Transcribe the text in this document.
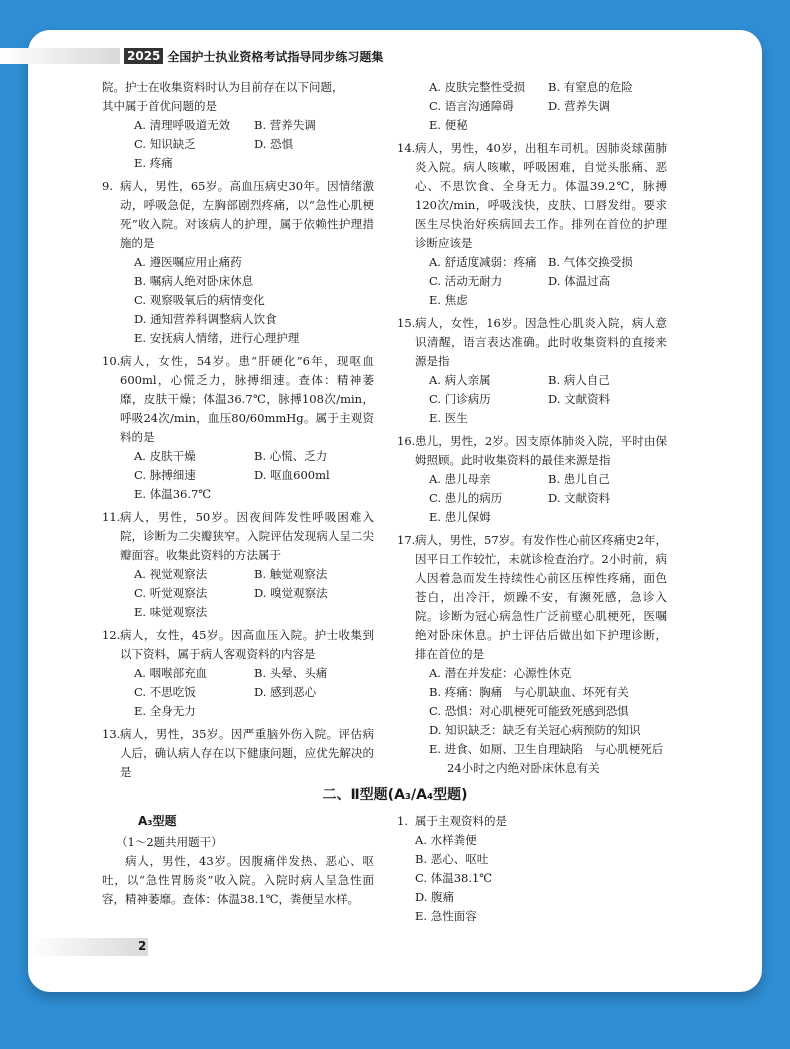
2025 全国护士执业资格考试指导同步练习题集
院。护士在收集资料时认为目前存在以下问题，
其中属于首优问题的是
A. 清理呼吸道无效	B. 营养失调
C. 知识缺乏	D. 恐惧
E. 疼痛
9. 病人，男性，65岁。高血压病史30年。因情绪激动，呼吸急促，左胸部剧烈疼痛，以“急性心肌梗死”收入院。对该病人的护理，属于依赖性护理措施的是
A. 遵医嘱应用止痛药
B. 嘱病人绝对卧床休息
C. 观察吸氧后的病情变化
D. 通知营养科调整病人饮食
E. 安抚病人情绪，进行心理护理
10. 病人，女性，54岁。患“肝硬化”6年，现呕血600ml，心慌乏力，脉搏细速。查体：精神萎靡，皮肤干燥；体温36.7℃，脉搏108次/min，呼吸24次/min，血压80/60mmHg。属于主观资料的是
A. 皮肤干燥	B. 心慌、乏力
C. 脉搏细速	D. 呕血600ml
E. 体温36.7℃
11. 病人，男性，50岁。因夜间阵发性呼吸困难入院，诊断为二尖瓣狭窄。入院评估发现病人呈二尖瓣面容。收集此资料的方法属于
A. 视觉观察法	B. 触觉观察法
C. 听觉观察法	D. 嗅觉观察法
E. 味觉观察法
12. 病人，女性，45岁。因高血压入院。护士收集到以下资料，属于病人客观资料的内容是
A. 咽喉部充血	B. 头晕、头痛
C. 不思吃饭	D. 感到恶心
E. 全身无力
13. 病人，男性，35岁。因严重脑外伤入院。评估病人后，确认病人存在以下健康问题，应优先解决的是
A. 皮肤完整性受损	B. 有窒息的危险
C. 语言沟通障碍	D. 营养失调
E. 便秘
14. 病人，男性，40岁，出租车司机。因肺炎球菌肺炎入院。病人咳嗽，呼吸困难，自觉头胀痛、恶心、不思饮食、全身无力。体温39.2℃，脉搏120次/min，呼吸浅快，皮肤、口唇发绀。要求医生尽快治好疾病回去工作。排列在首位的护理诊断应该是
A. 舒适度减弱：疼痛 B. 气体交换受损
C. 活动无耐力	D. 体温过高
E. 焦虑
15. 病人，女性，16岁。因急性心肌炎入院，病人意识清醒，语言表达准确。此时收集资料的直接来源是指
A. 病人亲属	B. 病人自己
C. 门诊病历	D. 文献资料
E. 医生
16. 患儿，男性，2岁。因支原体肺炎入院，平时由保姆照顾。此时收集资料的最佳来源是指
A. 患儿母亲	B. 患儿自己
C. 患儿的病历	D. 文献资料
E. 患儿保姆
17. 病人，男性，57岁。有发作性心前区疼痛史2年，因平日工作较忙，未就诊检查治疗。2小时前，病人因着急而发生持续性心前区压榨性疼痛，面色苍白，出冷汗，烦躁不安，有濒死感，急诊入院。诊断为冠心病急性广泛前壁心肌梗死，医嘱绝对卧床休息。护士评估后做出如下护理诊断，排在首位的是
A. 潜在并发症：心源性休克
B. 疼痛：胸痛　与心肌缺血、坏死有关
C. 恐惧：对心肌梗死可能致死感到恐惧
D. 知识缺乏：缺乏有关冠心病预防的知识
E. 进食、如厕、卫生自理缺陷　与心肌梗死后
24小时之内绝对卧床休息有关
二、Ⅱ型题(A₃/A₄型题)
A₃型题
（1～2题共用题干）
病人，男性，43岁。因腹痛伴发热、恶心、呕吐，以“急性胃肠炎”收入院。入院时病人呈急性面容，精神萎靡。查体：体温38.1℃，粪便呈水样。
1. 属于主观资料的是
A. 水样粪便
B. 恶心、呕吐
C. 体温38.1℃
D. 腹痛
E. 急性面容
2
